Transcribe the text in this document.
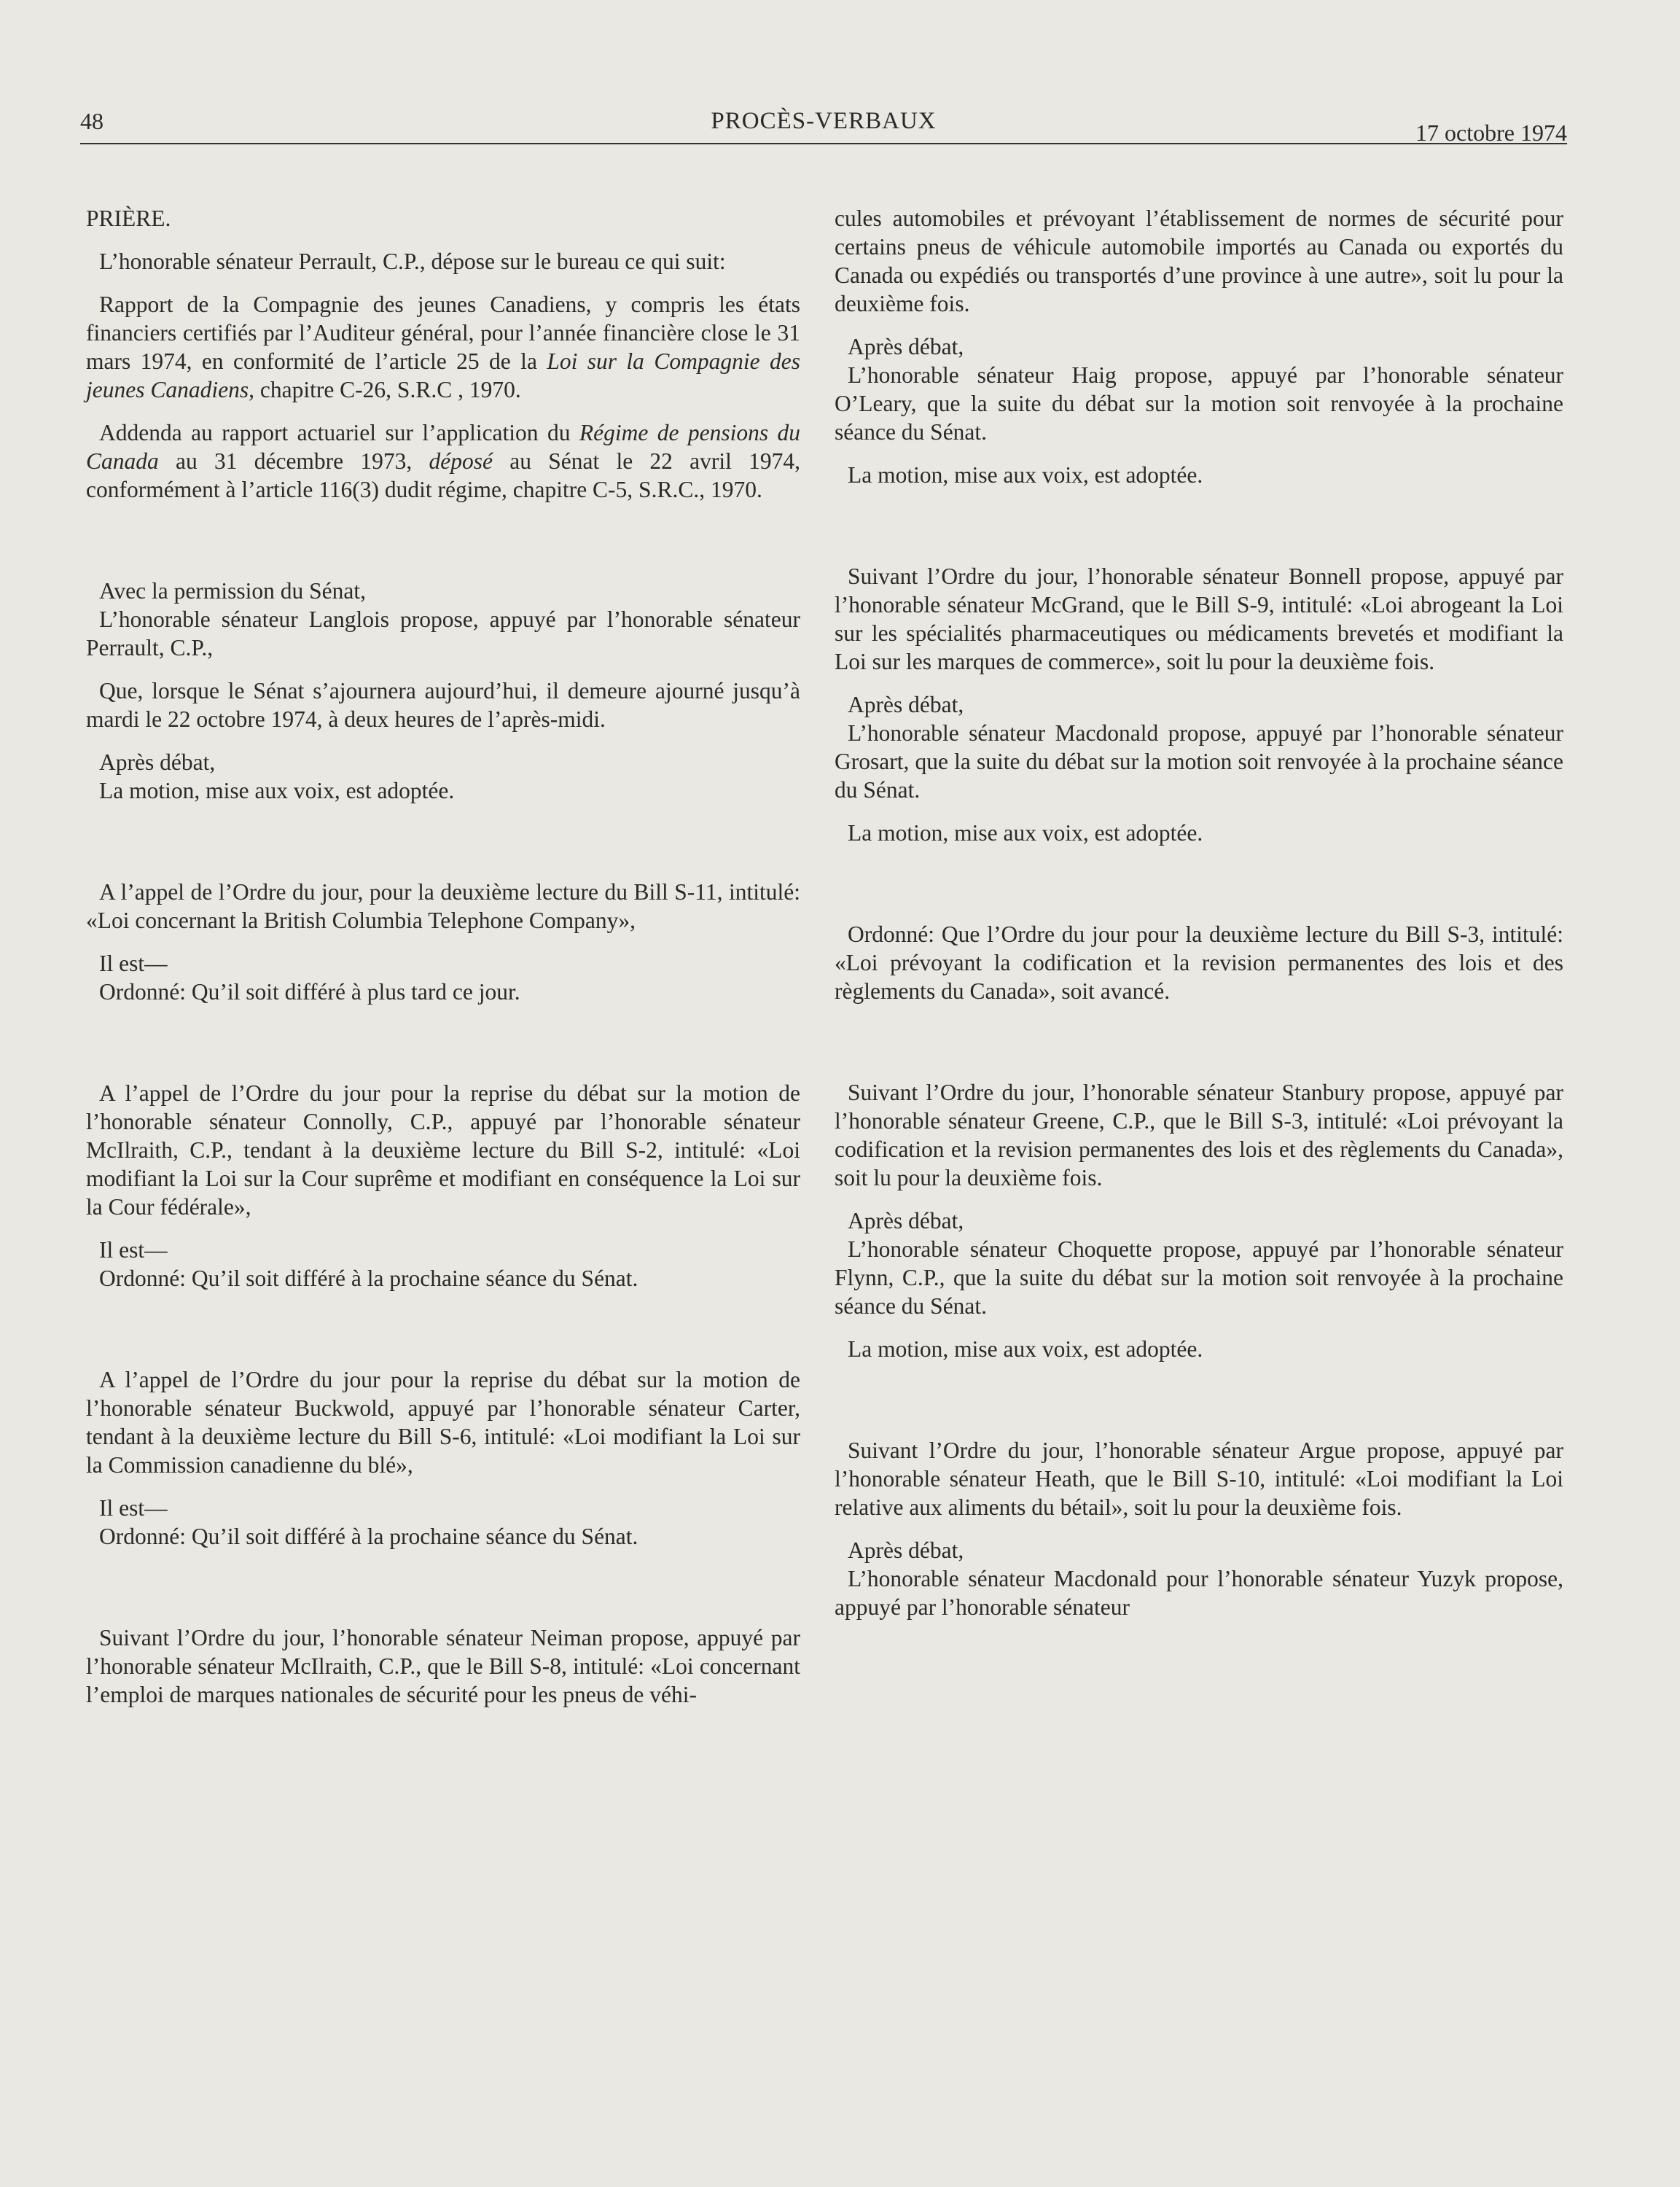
48	PROCÈS-VERBAUX	17 octobre 1974

PRIÈRE.

L’honorable sénateur Perrault, C.P., dépose sur le bureau ce qui suit:

Rapport de la Compagnie des jeunes Canadiens, y compris les états financiers certifiés par l’Auditeur général, pour l’année financière close le 31 mars 1974, en conformité de l’article 25 de la Loi sur la Compagnie des jeunes Canadiens, chapitre C-26, S.R.C , 1970.

Addenda au rapport actuariel sur l’application du Régime de pensions du Canada au 31 décembre 1973, déposé au Sénat le 22 avril 1974, conformément à l’article 116(3) dudit régime, chapitre C-5, S.R.C., 1970.

Avec la permission du Sénat,

L’honorable sénateur Langlois propose, appuyé par l’honorable sénateur Perrault, C.P.,

Que, lorsque le Sénat s’ajournera aujourd’hui, il demeure ajourné jusqu’à mardi le 22 octobre 1974, à deux heures de l’après-midi.

Après débat,

La motion, mise aux voix, est adoptée.

A l’appel de l’Ordre du jour, pour la deuxième lecture du Bill S-11, intitulé: «Loi concernant la British Columbia Telephone Company»,

Il est—

Ordonné: Qu’il soit différé à plus tard ce jour.

A l’appel de l’Ordre du jour pour la reprise du débat sur la motion de l’honorable sénateur Connolly, C.P., appuyé par l’honorable sénateur McIlraith, C.P., tendant à la deuxième lecture du Bill S-2, intitulé: «Loi modifiant la Loi sur la Cour suprême et modifiant en conséquence la Loi sur la Cour fédérale»,

Il est—

Ordonné: Qu’il soit différé à la prochaine séance du Sénat.

A l’appel de l’Ordre du jour pour la reprise du débat sur la motion de l’honorable sénateur Buckwold, appuyé par l’honorable sénateur Carter, tendant à la deuxième lecture du Bill S-6, intitulé: «Loi modifiant la Loi sur la Commission canadienne du blé»,

Il est—

Ordonné: Qu’il soit différé à la prochaine séance du Sénat.

Suivant l’Ordre du jour, l’honorable sénateur Neiman propose, appuyé par l’honorable sénateur McIlraith, C.P., que le Bill S-8, intitulé: «Loi concernant l’emploi de marques nationales de sécurité pour les pneus de véhi-

cules automobiles et prévoyant l’établissement de normes de sécurité pour certains pneus de véhicule automobile importés au Canada ou exportés du Canada ou expédiés ou transportés d’une province à une autre», soit lu pour la deuxième fois.

Après débat,

L’honorable sénateur Haig propose, appuyé par l’honorable sénateur O’Leary, que la suite du débat sur la motion soit renvoyée à la prochaine séance du Sénat.

La motion, mise aux voix, est adoptée.

Suivant l’Ordre du jour, l’honorable sénateur Bonnell propose, appuyé par l’honorable sénateur McGrand, que le Bill S-9, intitulé: «Loi abrogeant la Loi sur les spécialités pharmaceutiques ou médicaments brevetés et modifiant la Loi sur les marques de commerce», soit lu pour la deuxième fois.

Après débat,

L’honorable sénateur Macdonald propose, appuyé par l’honorable sénateur Grosart, que la suite du débat sur la motion soit renvoyée à la prochaine séance du Sénat.

La motion, mise aux voix, est adoptée.

Ordonné: Que l’Ordre du jour pour la deuxième lecture du Bill S-3, intitulé: «Loi prévoyant la codification et la revision permanentes des lois et des règlements du Canada», soit avancé.

Suivant l’Ordre du jour, l’honorable sénateur Stanbury propose, appuyé par l’honorable sénateur Greene, C.P., que le Bill S-3, intitulé: «Loi prévoyant la codification et la revision permanentes des lois et des règlements du Canada», soit lu pour la deuxième fois.

Après débat,

L’honorable sénateur Choquette propose, appuyé par l’honorable sénateur Flynn, C.P., que la suite du débat sur la motion soit renvoyée à la prochaine séance du Sénat.

La motion, mise aux voix, est adoptée.

Suivant l’Ordre du jour, l’honorable sénateur Argue propose, appuyé par l’honorable sénateur Heath, que le Bill S-10, intitulé: «Loi modifiant la Loi relative aux aliments du bétail», soit lu pour la deuxième fois.

Après débat,

L’honorable sénateur Macdonald pour l’honorable sénateur Yuzyk propose, appuyé par l’honorable sénateur
